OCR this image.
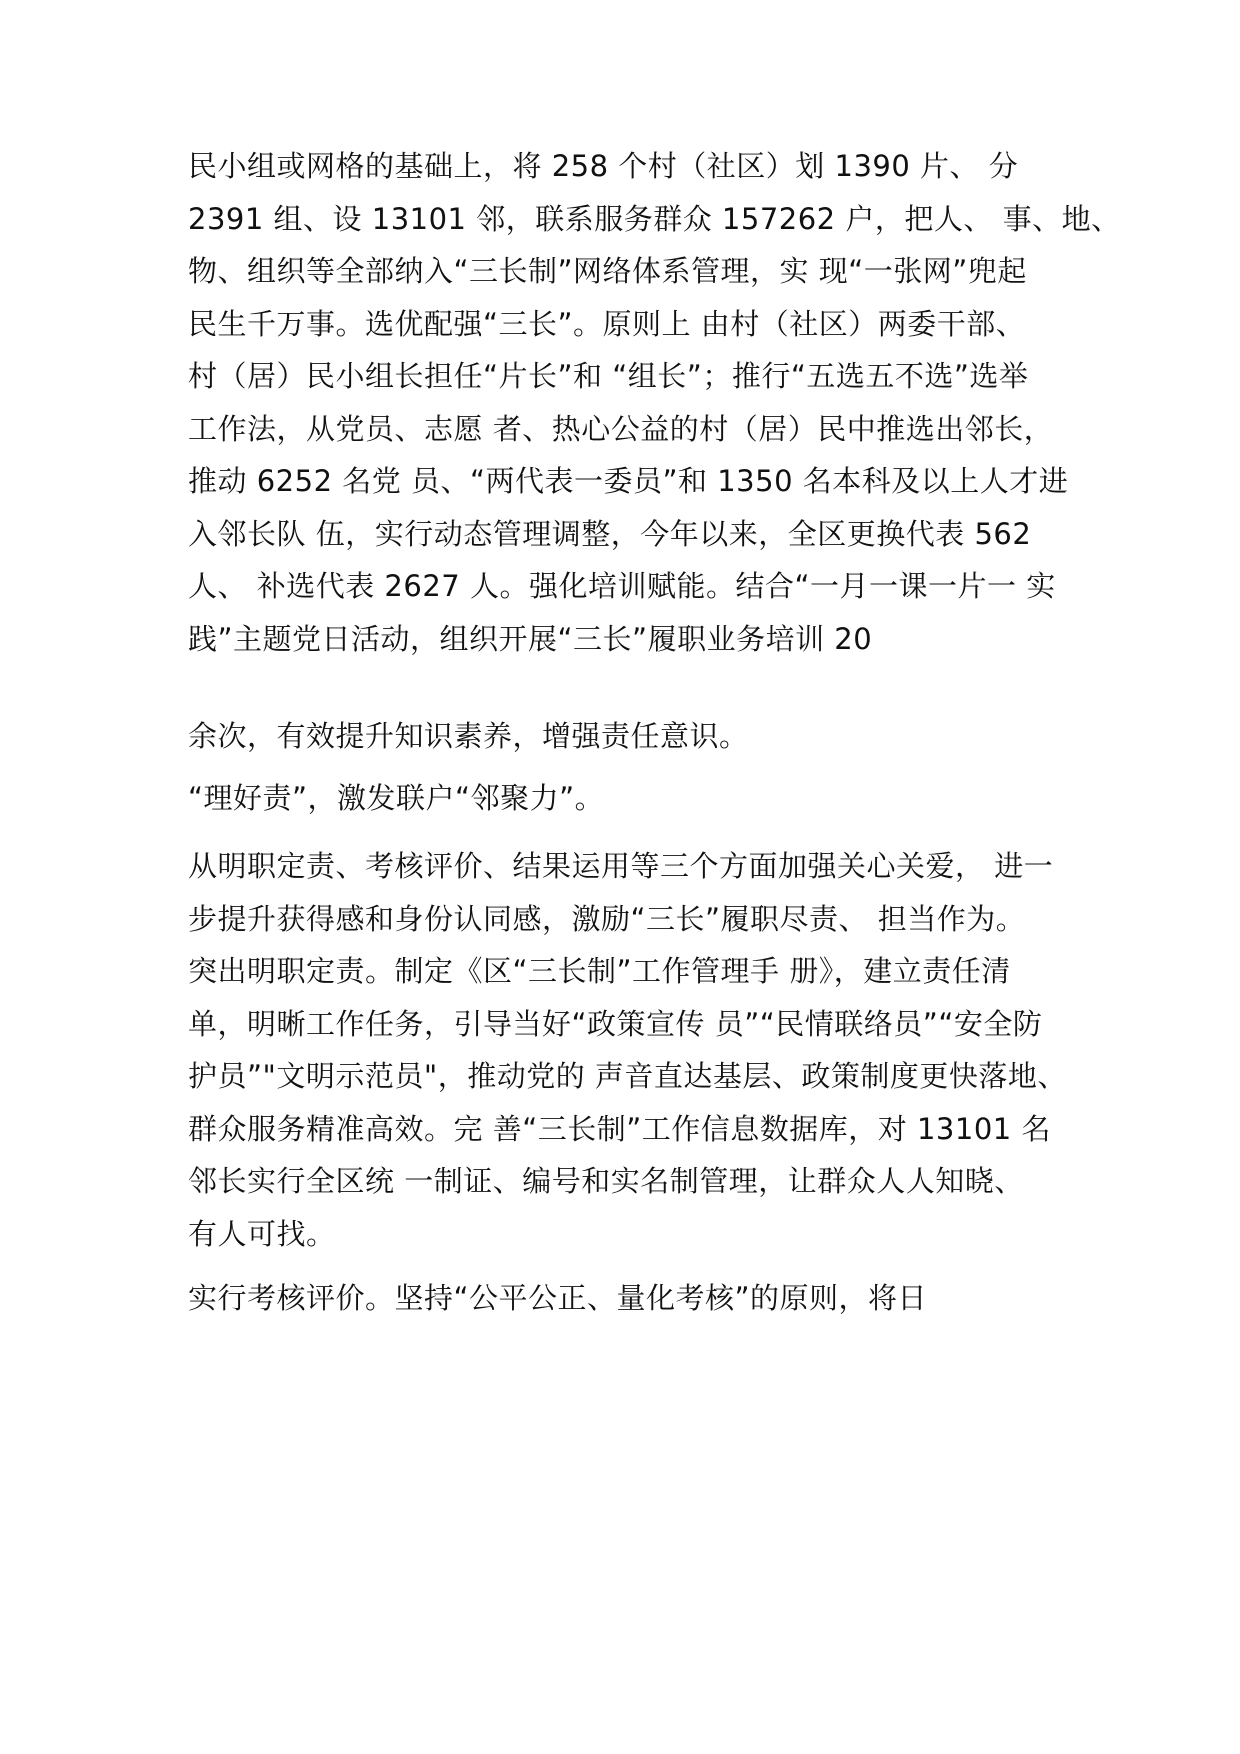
民小组或网格的基础上，将 258 个村（社区）划 1390 片、 分
2391 组、设 13101 邻，联系服务群众 157262 户，把人、 事、地、
物、组织等全部纳入“三长制”网络体系管理，实 现“一张网”兜起
民生千万事。选优配强“三长”。原则上 由村（社区）两委干部、
村（居）民小组长担任“片长”和 “组长”；推行“五选五不选”选举
工作法，从党员、志愿 者、热心公益的村（居）民中推选出邻长，
推动 6252 名党 员、“两代表一委员”和 1350 名本科及以上人才进
入邻长队 伍，实行动态管理调整，今年以来，全区更换代表 562
人、 补选代表 2627 人。强化培训赋能。结合“一月一课一片一 实
践”主题党日活动，组织开展“三长”履职业务培训 20
余次，有效提升知识素养，增强责任意识。
“理好责”，激发联户“邻聚力”。
从明职定责、考核评价、结果运用等三个方面加强关心关爱， 进一
步提升获得感和身份认同感，激励“三长”履职尽责、 担当作为。
突出明职定责。制定《区“三长制”工作管理手 册》，建立责任清
单，明晰工作任务，引导当好“政策宣传 员”“民情联络员”“安全防
护员”"文明示范员"，推动党的 声音直达基层、政策制度更快落地、
群众服务精准高效。完 善“三长制”工作信息数据库，对 13101 名
邻长实行全区统 一制证、编号和实名制管理，让群众人人知晓、
有人可找。
实行考核评价。坚持“公平公正、量化考核”的原则，将日
